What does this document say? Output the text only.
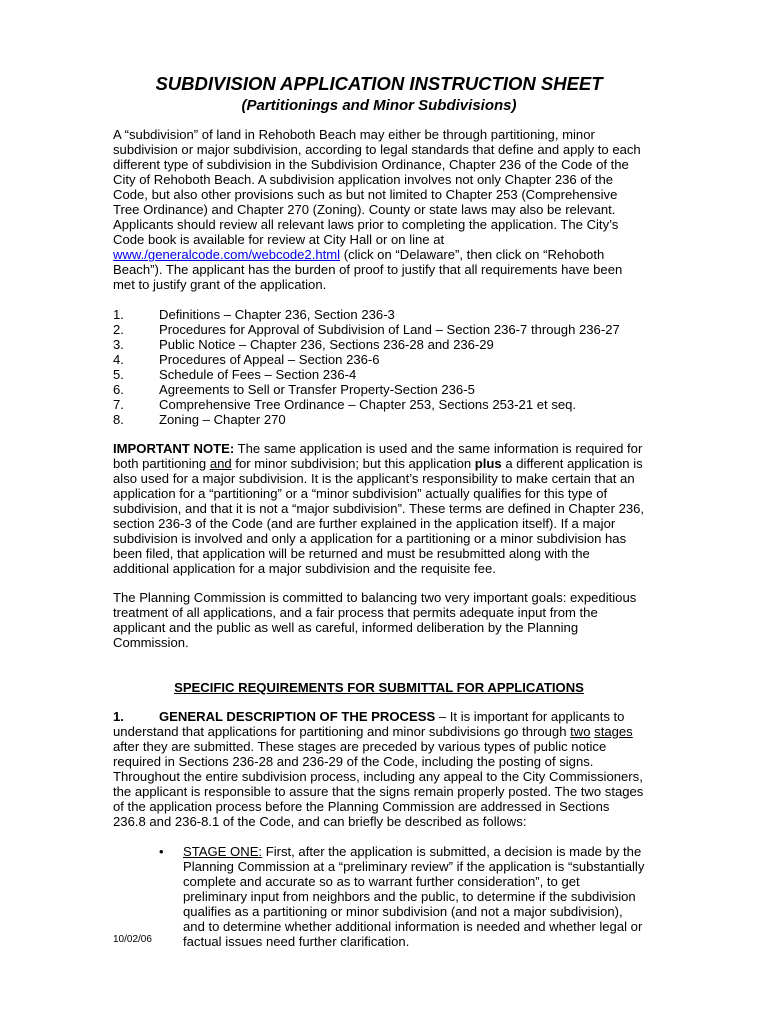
SUBDIVISION APPLICATION INSTRUCTION SHEET
(Partitionings and Minor Subdivisions)

A “subdivision” of land in Rehoboth Beach may either be through partitioning, minor subdivision or major subdivision, according to legal standards that define and apply to each different type of subdivision in the Subdivision Ordinance, Chapter 236 of the Code of the City of Rehoboth Beach. A subdivision application involves not only Chapter 236 of the Code, but also other provisions such as but not limited to Chapter 253 (Comprehensive Tree Ordinance) and Chapter 270 (Zoning). County or state laws may also be relevant. Applicants should review all relevant laws prior to completing the application. The City’s Code book is available for review at City Hall or on line at www./generalcode.com/webcode2.html (click on “Delaware”, then click on “Rehoboth Beach”). The applicant has the burden of proof to justify that all requirements have been met to justify grant of the application.

1.	Definitions – Chapter 236, Section 236-3
2.	Procedures for Approval of Subdivision of Land – Section 236-7 through 236-27
3.	Public Notice – Chapter 236, Sections 236-28 and 236-29
4.	Procedures of Appeal – Section 236-6
5.	Schedule of Fees – Section 236-4
6.	Agreements to Sell or Transfer Property-Section 236-5
7.	Comprehensive Tree Ordinance – Chapter 253, Sections 253-21 et seq.
8.	Zoning – Chapter 270

IMPORTANT NOTE: The same application is used and the same information is required for both partitioning and for minor subdivision; but this application plus a different application is also used for a major subdivision. It is the applicant’s responsibility to make certain that an application for a “partitioning” or a “minor subdivision” actually qualifies for this type of subdivision, and that it is not a “major subdivision”. These terms are defined in Chapter 236, section 236-3 of the Code (and are further explained in the application itself). If a major subdivision is involved and only a application for a partitioning or a minor subdivision has been filed, that application will be returned and must be resubmitted along with the additional application for a major subdivision and the requisite fee.

The Planning Commission is committed to balancing two very important goals: expeditious treatment of all applications, and a fair process that permits adequate input from the applicant and the public as well as careful, informed deliberation by the Planning Commission.

SPECIFIC REQUIREMENTS FOR SUBMITTAL FOR APPLICATIONS

1.	GENERAL DESCRIPTION OF THE PROCESS – It is important for applicants to understand that applications for partitioning and minor subdivisions go through two stages after they are submitted. These stages are preceded by various types of public notice required in Sections 236-28 and 236-29 of the Code, including the posting of signs. Throughout the entire subdivision process, including any appeal to the City Commissioners, the applicant is responsible to assure that the signs remain properly posted. The two stages of the application process before the Planning Commission are addressed in Sections 236.8 and 236-8.1 of the Code, and can briefly be described as follows:

•	STAGE ONE: First, after the application is submitted, a decision is made by the Planning Commission at a “preliminary review” if the application is “substantially complete and accurate so as to warrant further consideration”, to get preliminary input from neighbors and the public, to determine if the subdivision qualifies as a partitioning or minor subdivision (and not a major subdivision), and to determine whether additional information is needed and whether legal or factual issues need further clarification.

10/02/06
